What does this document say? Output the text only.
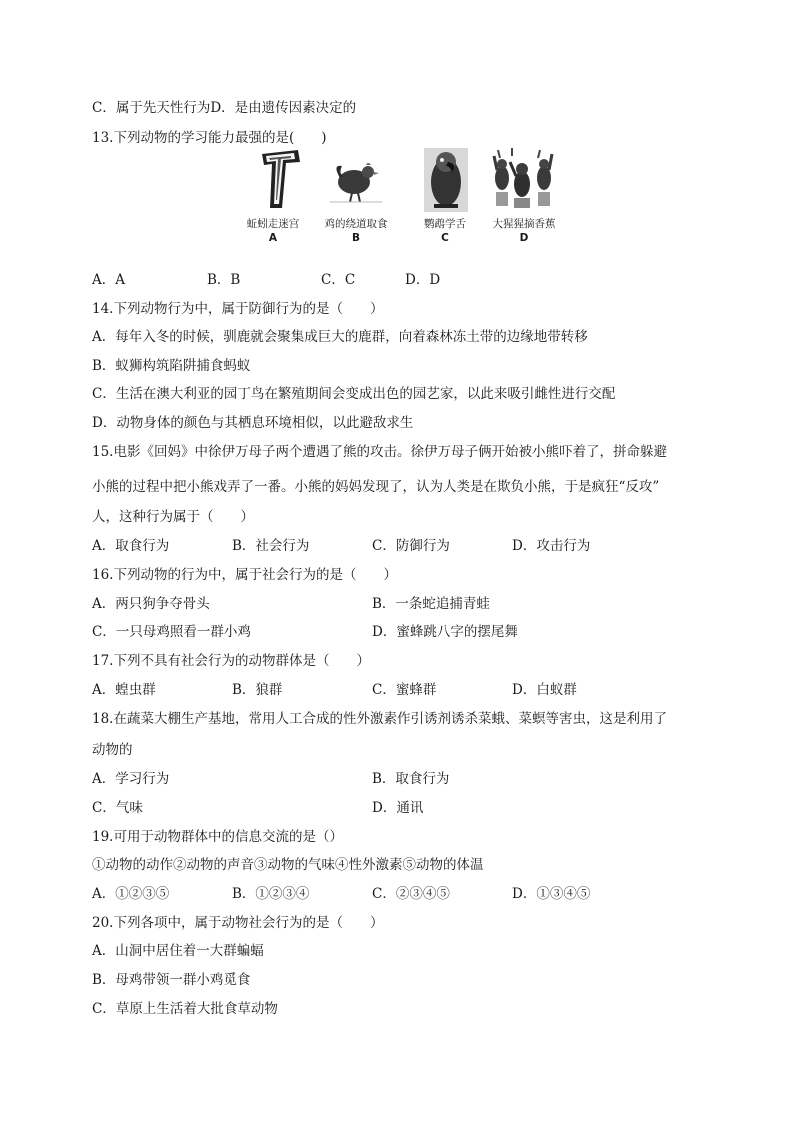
C．属于先天性行为D．是由遗传因素决定的
13.下列动物的学习能力最强的是(　　)
蚯蚓走迷宫
A
鸡的绕道取食
B
鹦鹉学舌
C
大猩猩摘香蕉
D
A．A	B．B	C．C	D．D
14.下列动物行为中，属于防御行为的是（　　）
A．每年入冬的时候，驯鹿就会聚集成巨大的鹿群，向着森林冻土带的边缘地带转移
B．蚁狮构筑陷阱捕食蚂蚁
C．生活在澳大利亚的园丁鸟在繁殖期间会变成出色的园艺家，以此来吸引雌性进行交配
D．动物身体的颜色与其栖息环境相似，以此避敌求生
15.电影《回妈》中徐伊万母子两个遭遇了熊的攻击。徐伊万母子俩开始被小熊吓着了，拼命躲避
小熊的过程中把小熊戏弄了一番。小熊的妈妈发现了，认为人类是在欺负小熊，于是疯狂“反攻”
人，这种行为属于（　　）
A．取食行为	B．社会行为	C．防御行为	D．攻击行为
16.下列动物的行为中，属于社会行为的是（　　）
A．两只狗争夺骨头	B．一条蛇追捕青蛙
C．一只母鸡照看一群小鸡	D．蜜蜂跳八字的摆尾舞
17.下列不具有社会行为的动物群体是（　　）
A．蝗虫群	B．狼群	C．蜜蜂群	D．白蚁群
18.在蔬菜大棚生产基地，常用人工合成的性外激素作引诱剂诱杀菜蛾、菜螟等害虫，这是利用了
动物的
A．学习行为	B．取食行为
C．气味	D．通讯
19.可用于动物群体中的信息交流的是（）
①动物的动作②动物的声音③动物的气味④性外激素⑤动物的体温
A．①②③⑤	B．①②③④	C．②③④⑤	D．①③④⑤
20.下列各项中，属于动物社会行为的是（　　）
A．山洞中居住着一大群蝙蝠
B．母鸡带领一群小鸡觅食
C．草原上生活着大批食草动物
